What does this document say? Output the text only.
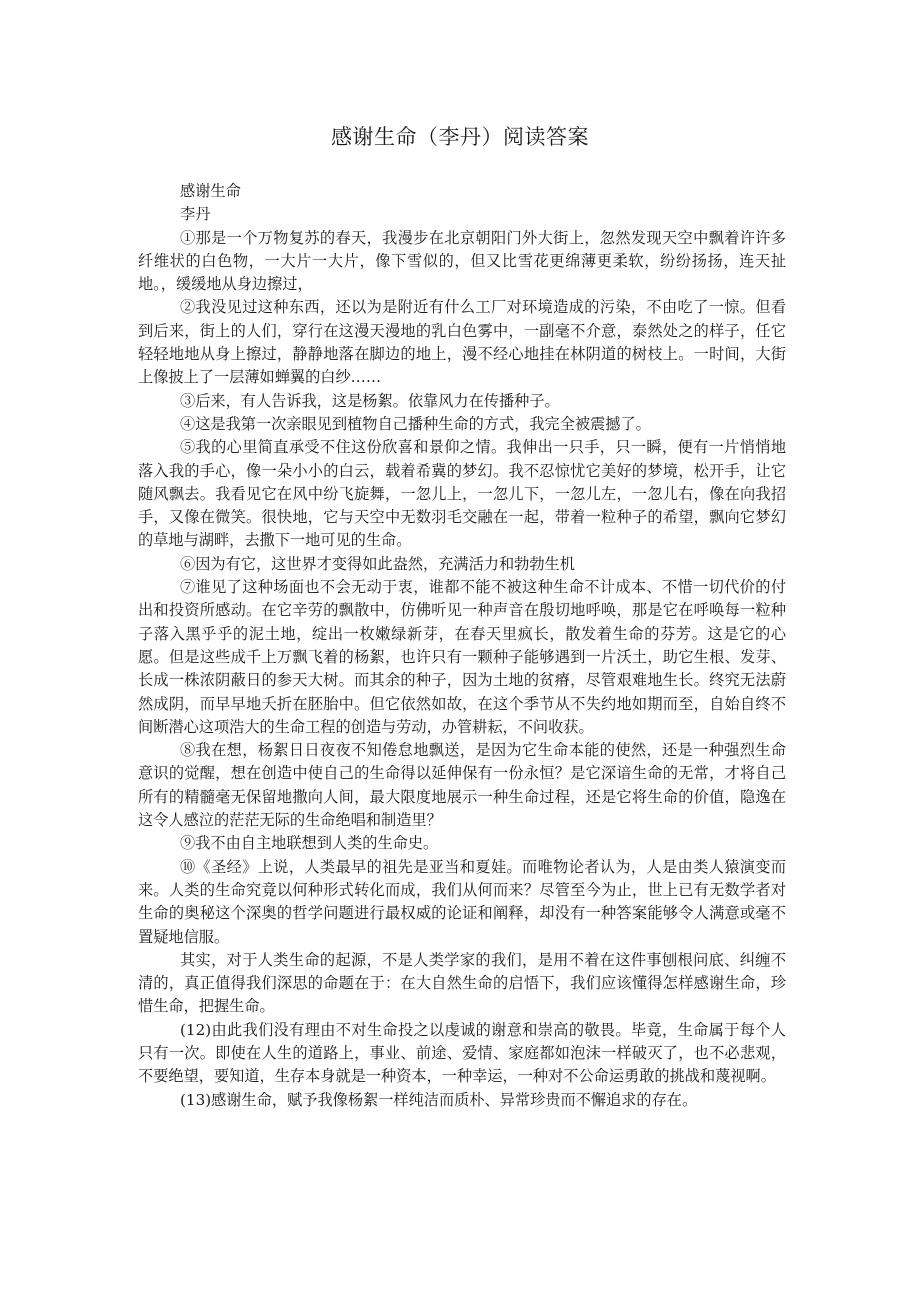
感谢生命（李丹）阅读答案

感谢生命

李丹

①那是一个万物复苏的春天，我漫步在北京朝阳门外大街上，忽然发现天空中飘着许许多纤维状的白色物，一大片一大片，像下雪似的，但又比雪花更绵薄更柔软，纷纷扬扬，连天扯地。，缓缓地从身边擦过，

②我没见过这种东西，还以为是附近有什么工厂对环境造成的污染，不由吃了一惊。但看到后来，街上的人们，穿行在这漫天漫地的乳白色雾中，一副毫不介意，泰然处之的样子，任它轻轻地地从身上擦过，静静地落在脚边的地上，漫不经心地挂在林阴道的树枝上。一时间，大街上像披上了一层薄如蝉翼的白纱……

③后来，有人告诉我，这是杨絮。依靠风力在传播种子。

④这是我第一次亲眼见到植物自己播种生命的方式，我完全被震撼了。

⑤我的心里简直承受不住这份欣喜和景仰之情。我伸出一只手，只一瞬，便有一片悄悄地落入我的手心，像一朵小小的白云，载着希冀的梦幻。我不忍惊忧它美好的梦境，松开手，让它随风飘去。我看见它在风中纷飞旋舞，一忽儿上，一忽儿下，一忽儿左，一忽儿右，像在向我招手，又像在微笑。很快地，它与天空中无数羽毛交融在一起，带着一粒种子的希望，飘向它梦幻的草地与湖畔，去撒下一地可见的生命。

⑥因为有它，这世界才变得如此盎然，充满活力和勃勃生机

⑦谁见了这种场面也不会无动于衷，谁都不能不被这种生命不计成本、不惜一切代价的付出和投资所感动。在它辛劳的飘散中，仿佛听见一种声音在殷切地呼唤，那是它在呼唤每一粒种子落入黑乎乎的泥土地，绽出一枚嫩绿新芽，在春天里疯长，散发着生命的芬芳。这是它的心愿。但是这些成千上万飘飞着的杨絮，也许只有一颗种子能够遇到一片沃土，助它生根、发芽、长成一株浓阴蔽日的参天大树。而其余的种子，因为土地的贫瘠，尽管艰难地生长。终究无法蔚然成阴，而早早地夭折在胚胎中。但它依然如故，在这个季节从不失约地如期而至，自始自终不间断潜心这项浩大的生命工程的创造与劳动，办管耕耘，不问收获。

⑧我在想，杨絮日日夜夜不知倦怠地飘送，是因为它生命本能的使然，还是一种强烈生命意识的觉醒，想在创造中使自己的生命得以延伸保有一份永恒？是它深谙生命的无常，才将自己所有的精髓毫无保留地撒向人间，最大限度地展示一种生命过程，还是它将生命的价值，隐逸在这令人感泣的茫茫无际的生命绝唱和制造里？

⑨我不由自主地联想到人类的生命史。

⑩《圣经》上说，人类最早的祖先是亚当和夏娃。而唯物论者认为，人是由类人猿演变而来。人类的生命究竟以何种形式转化而成，我们从何而来？尽管至今为止，世上已有无数学者对生命的奥秘这个深奥的哲学问题进行最权威的论证和阐释，却没有一种答案能够令人满意或毫不置疑地信服。

其实，对于人类生命的起源，不是人类学家的我们，是用不着在这件事刨根问底、纠缠不清的，真正值得我们深思的命题在于：在大自然生命的启悟下，我们应该懂得怎样感谢生命，珍惜生命，把握生命。

(12)由此我们没有理由不对生命投之以虔诚的谢意和崇高的敬畏。毕竟，生命属于每个人只有一次。即使在人生的道路上，事业、前途、爱情、家庭都如泡沫一样破灭了，也不必悲观，不要绝望，要知道，生存本身就是一种资本，一种幸运，一种对不公命运勇敢的挑战和蔑视啊。

(13)感谢生命，赋予我像杨絮一样纯洁而质朴、异常珍贵而不懈追求的存在。
